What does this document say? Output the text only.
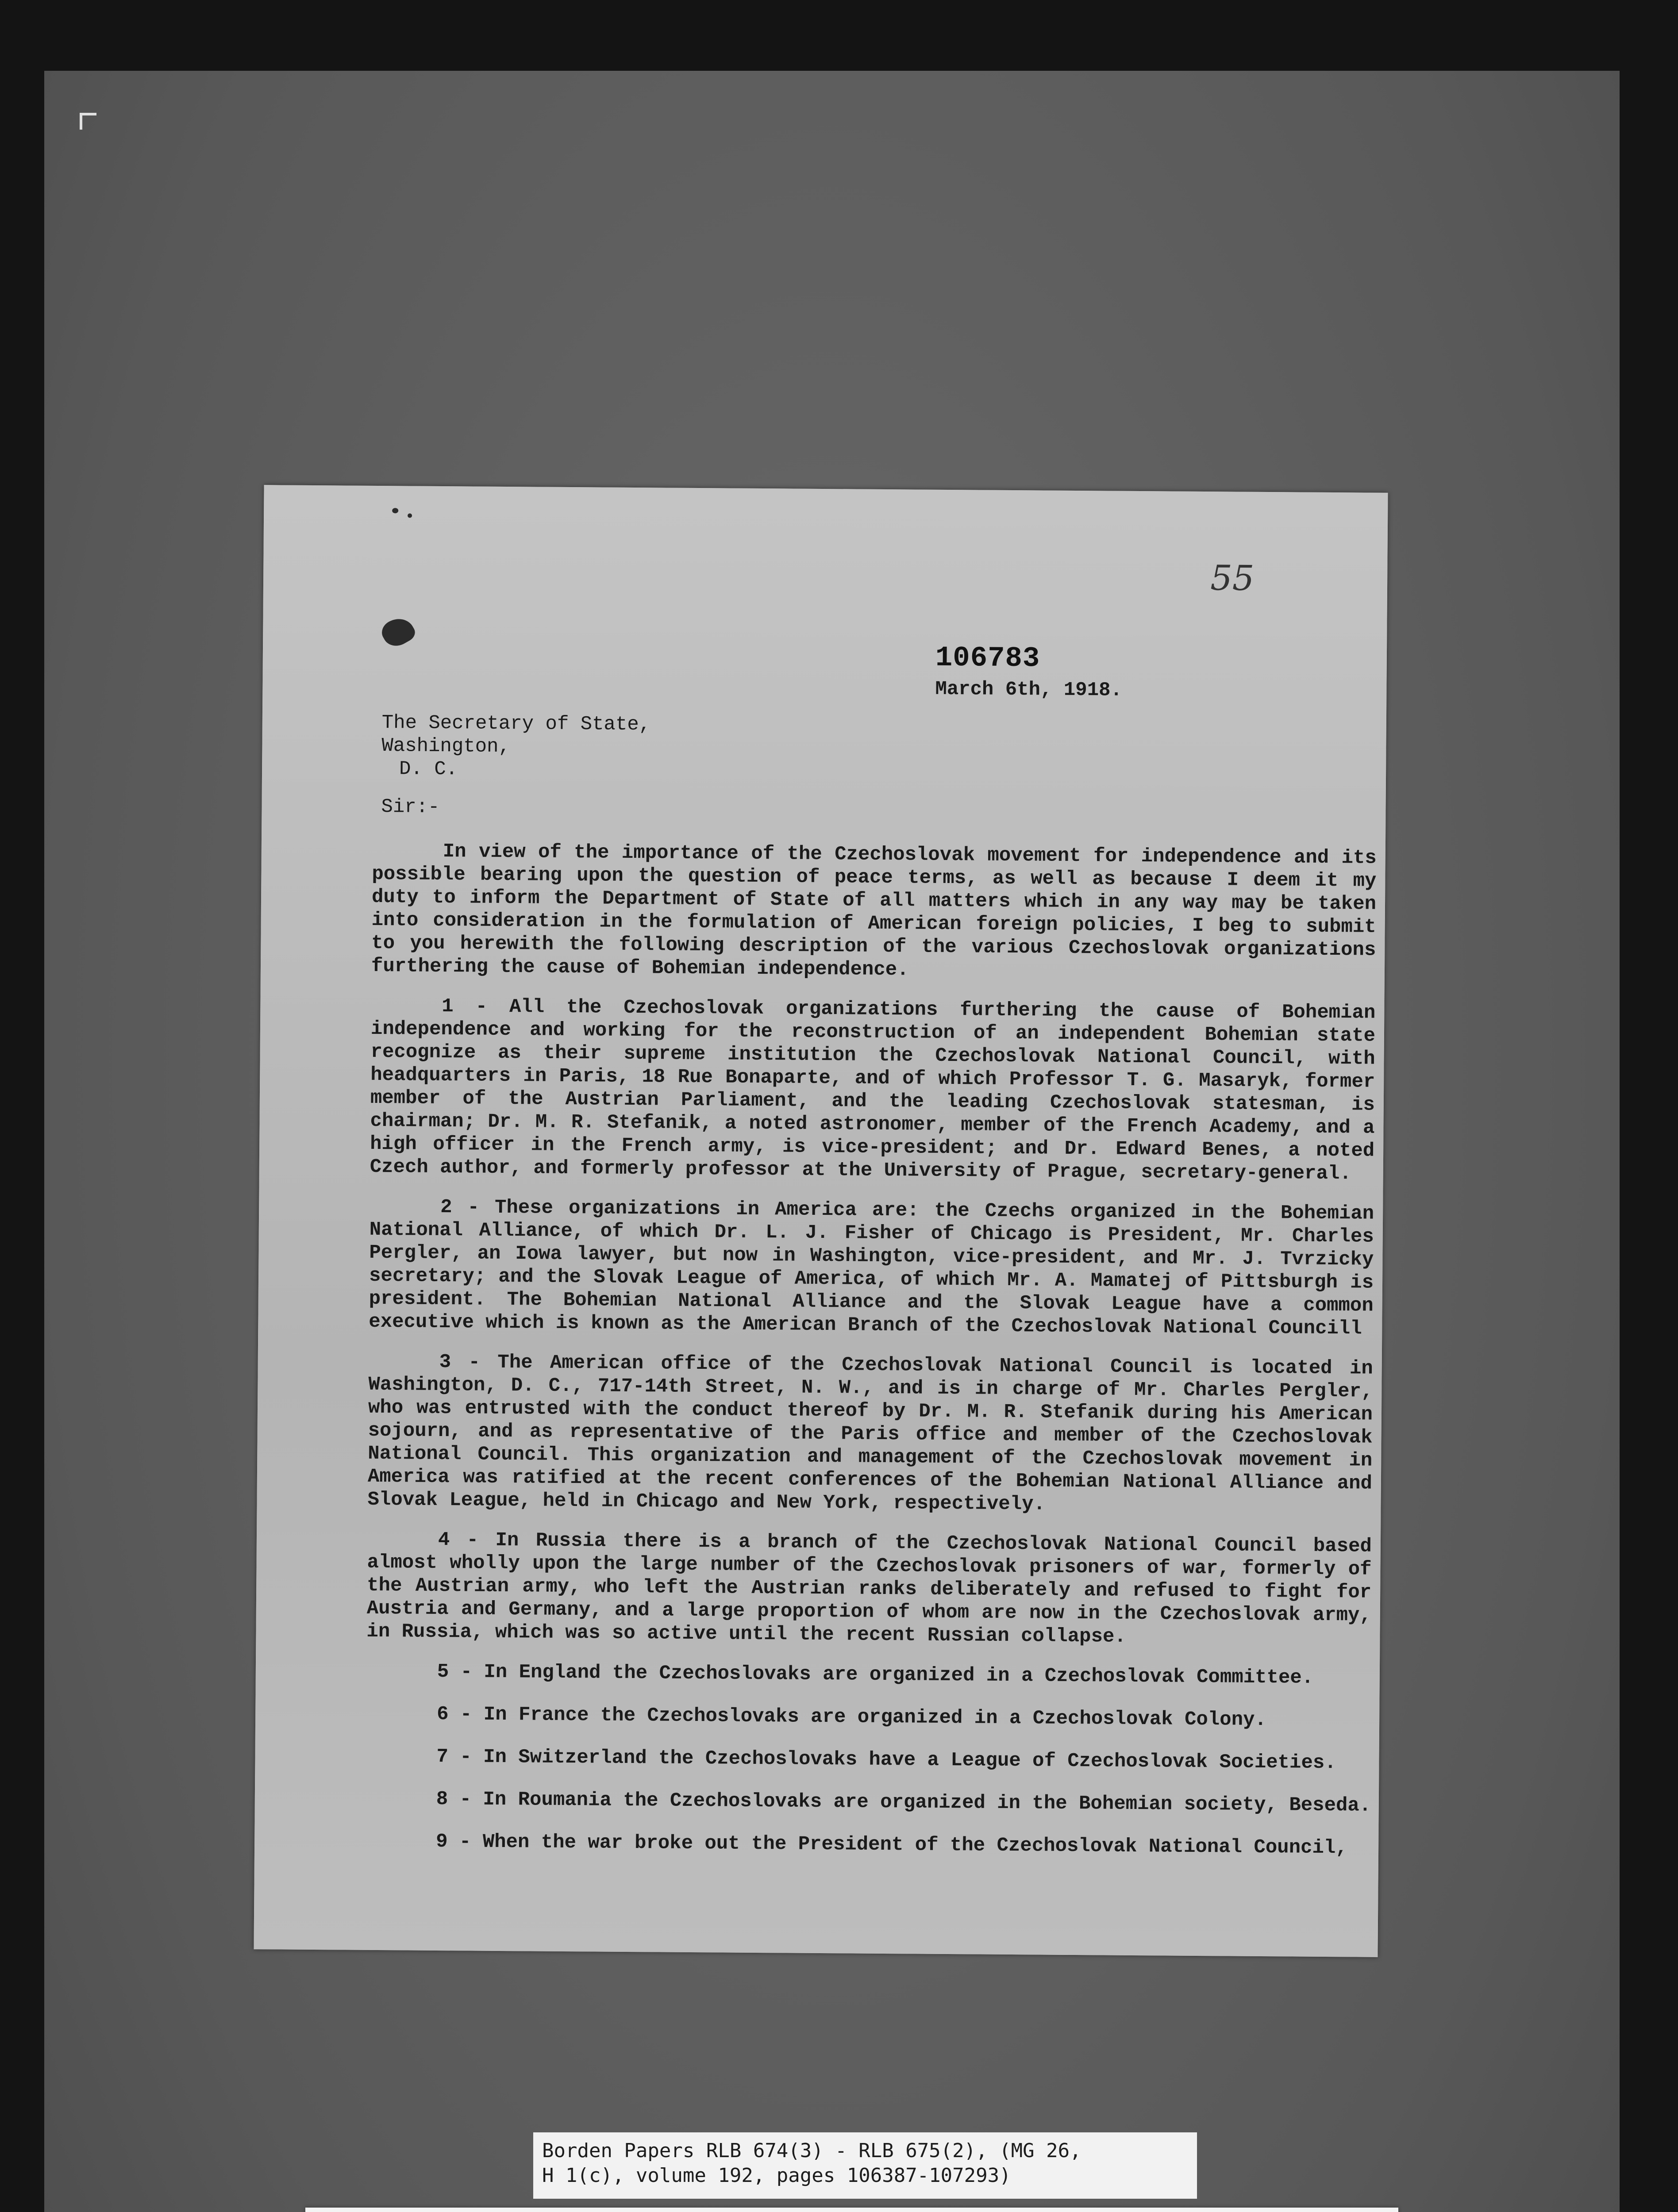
55
106783
March 6th, 1918.
The Secretary of State,
Washington,
D. C.
Sir:-

In view of the importance of the Czechoslovak movement for independence and its possible bearing upon the question of peace terms, as well as because I deem it my duty to inform the Department of State of all matters which in any way may be taken into consideration in the formulation of American foreign policies, I beg to submit to you herewith the following description of the various Czechoslovak organizations furthering the cause of Bohemian independence.

1 - All the Czechoslovak organizations furthering the cause of Bohemian independence and working for the reconstruction of an independent Bohemian state recognize as their supreme institution the Czechoslovak National Council, with headquarters in Paris, 18 Rue Bonaparte, and of which Professor T. G. Masaryk, former member of the Austrian Parliament, and the leading Czechoslovak statesman, is chairman; Dr. M. R. Stefanik, a noted astronomer, member of the French Academy, and a high officer in the French army, is vice-president; and Dr. Edward Benes, a noted Czech author, and formerly professor at the University of Prague, secretary-general.

2 - These organizations in America are: the Czechs organized in the Bohemian National Alliance, of which Dr. L. J. Fisher of Chicago is President, Mr. Charles Pergler, an Iowa lawyer, but now in Washington, vice-president, and Mr. J. Tvrzicky secretary; and the Slovak League of America, of which Mr. A. Mamatej of Pittsburgh is president. The Bohemian National Alliance and the Slovak League have a common executive which is known as the American Branch of the Czechoslovak National Councill

3 - The American office of the Czechoslovak National Council is located in Washington, D. C., 717-14th Street, N. W., and is in charge of Mr. Charles Pergler, who was entrusted with the conduct thereof by Dr. M. R. Stefanik during his American sojourn, and as representative of the Paris office and member of the Czechoslovak National Council. This organization and management of the Czechoslovak movement in America was ratified at the recent conferences of the Bohemian National Alliance and Slovak League, held in Chicago and New York, respectively.

4 - In Russia there is a branch of the Czechoslovak National Council based almost wholly upon the large number of the Czechoslovak prisoners of war, formerly of the Austrian army, who left the Austrian ranks deliberately and refused to fight for Austria and Germany, and a large proportion of whom are now in the Czechoslovak army, in Russia, which was so active until the recent Russian collapse.

5 - In England the Czechoslovaks are organized in a Czechoslovak Committee.
6 - In France the Czechoslovaks are organized in a Czechoslovak Colony.
7 - In Switzerland the Czechoslovaks have a League of Czechoslovak Societies.
8 - In Roumania the Czechoslovaks are organized in the Bohemian society, Beseda.
9 - When the war broke out the President of the Czechoslovak National Council,
Borden Papers RLB 674(3) - RLB 675(2), (MG 26,
H 1(c), volume 192, pages 106387-107293)
